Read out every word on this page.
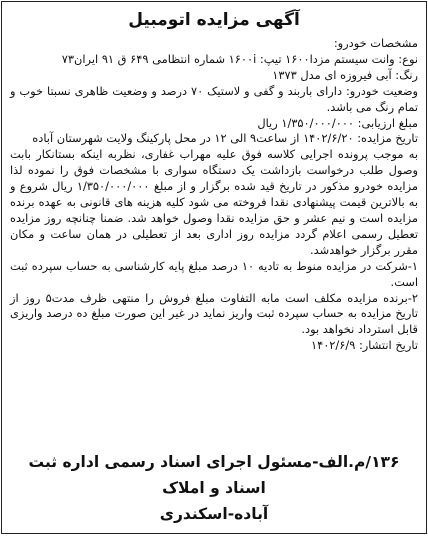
آگهی مزایده اتومبیل

مشخصات خودرو:

نوع: وانت سیستم مزدا۱۶۰۰ تیپ: ۱۶۰۰i شماره انتظامی ۶۴۹ ق ۹۱ ایران۷۳

رنگ: آبی فیروزه ای مدل ۱۳۷۳

وضعیت خودرو: دارای باربند و گفی و لاستیک ۷۰ درصد و وضعیت ظاهری نسبتا خوب و تمام رنگ می باشد.

مبلغ ارزیابی: ۱/۳۵۰/۰۰۰/۰۰۰ ریال

تاریخ مزایده: ۱۴۰۲/۶/۲۰ از ساعت۹ الی ۱۲ در محل پارکینگ ولایت شهرستان آباده

به موجب پرونده اجرایی کلاسه فوق علیه مهراب غفاری، نظربه اینکه بستانکار بابت وصول طلب درخواست بازداشت یک دستگاه سواری با مشخصات فوق را نموده لذا مزایده خودرو مذکور در تاریخ قید شده برگزار و از مبلغ ۱/۳۵۰/۰۰۰/۰۰۰ ریال شروع و به بالاترین قیمت پیشنهادی نقدا فروخته می شود کلیه هزینه های قانونی به عهده برنده مزایده است و نیم عشر و حق مزایده نقدا وصول خواهد شد. ضمنا چنانچه روز مزایده تعطیل رسمی اعلام گردد مزایده روز اداری بعد از تعطیلی در همان ساعت و مکان مقرر برگزار خواهدشد.

۱-شرکت در مزایده منوط به تادیه ۱۰ درصد مبلغ پایه کارشناسی به حساب سپرده ثبت است.

۲-برنده مزایده مکلف است مابه التفاوت مبلغ فروش را منتهی ظرف مدت۵ روز از تاریخ مزایده به حساب سپرده ثبت واریز نماید در غیر این صورت مبلغ ده درصد واریزی قابل استرداد نخواهد بود.

تاریخ انتشار: ۱۴۰۲/۶/۹

۱۳۶/م.الف-مسئول اجرای اسناد رسمی اداره ثبت اسناد و املاک
آباده-اسکندری
